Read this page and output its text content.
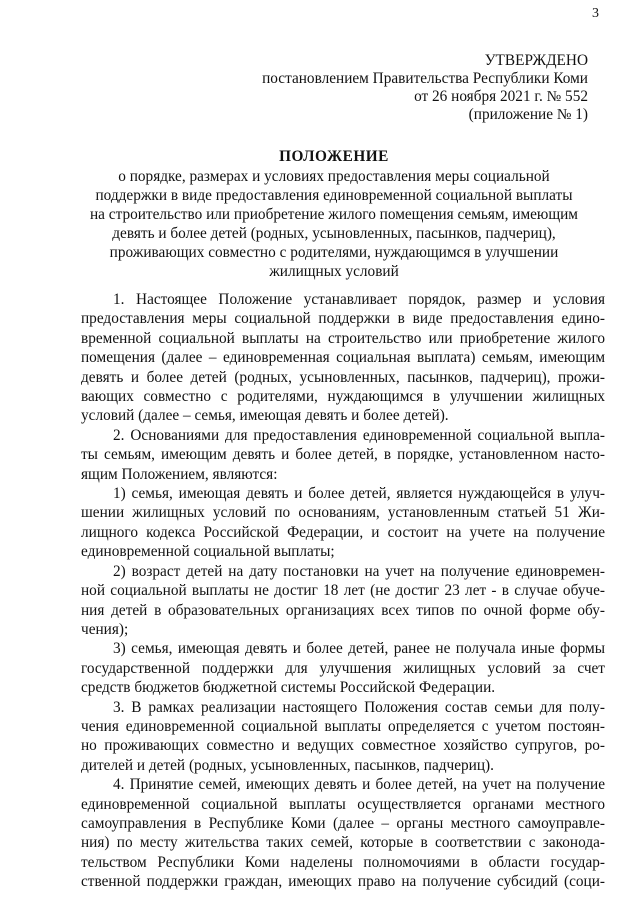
3
УТВЕРЖДЕНО
постановлением Правительства Республики Коми
от 26 ноября 2021 г. № 552
(приложение № 1)
ПОЛОЖЕНИЕ
о порядке, размерах и условиях предоставления меры социальной
поддержки в виде предоставления единовременной социальной выплаты
на строительство или приобретение жилого помещения семьям, имеющим
девять и более детей (родных, усыновленных, пасынков, падчериц),
проживающих совместно с родителями, нуждающимся в улучшении
жилищных условий
1. Настоящее Положение устанавливает порядок, размер и условия
предоставления меры социальной поддержки в виде предоставления едино-
временной социальной выплаты на строительство или приобретение жилого
помещения (далее – единовременная социальная выплата) семьям, имеющим
девять и более детей (родных, усыновленных, пасынков, падчериц), прожи-
вающих совместно с родителями, нуждающимся в улучшении жилищных
условий (далее – семья, имеющая девять и более детей).
2. Основаниями для предоставления единовременной социальной выпла-
ты семьям, имеющим девять и более детей, в порядке, установленном насто-
ящим Положением, являются:
1) семья, имеющая девять и более детей, является нуждающейся в улуч-
шении жилищных условий по основаниям, установленным статьей 51 Жи-
лищного кодекса Российской Федерации, и состоит на учете на получение
единовременной социальной выплаты;
2) возраст детей на дату постановки на учет на получение единовремен-
ной социальной выплаты не достиг 18 лет (не достиг 23 лет - в случае обуче-
ния детей в образовательных организациях всех типов по очной форме обу-
чения);
3) семья, имеющая девять и более детей, ранее не получала иные формы
государственной поддержки для улучшения жилищных условий за счет
средств бюджетов бюджетной системы Российской Федерации.
3. В рамках реализации настоящего Положения состав семьи для полу-
чения единовременной социальной выплаты определяется с учетом постоян-
но проживающих совместно и ведущих совместное хозяйство супругов, ро-
дителей и детей (родных, усыновленных, пасынков, падчериц).
4. Принятие семей, имеющих девять и более детей, на учет на получение
единовременной социальной выплаты осуществляется органами местного
самоуправления в Республике Коми (далее – органы местного самоуправле-
ния) по месту жительства таких семей, которые в соответствии с законода-
тельством Республики Коми наделены полномочиями в области государ-
ственной поддержки граждан, имеющих право на получение субсидий (соци-
